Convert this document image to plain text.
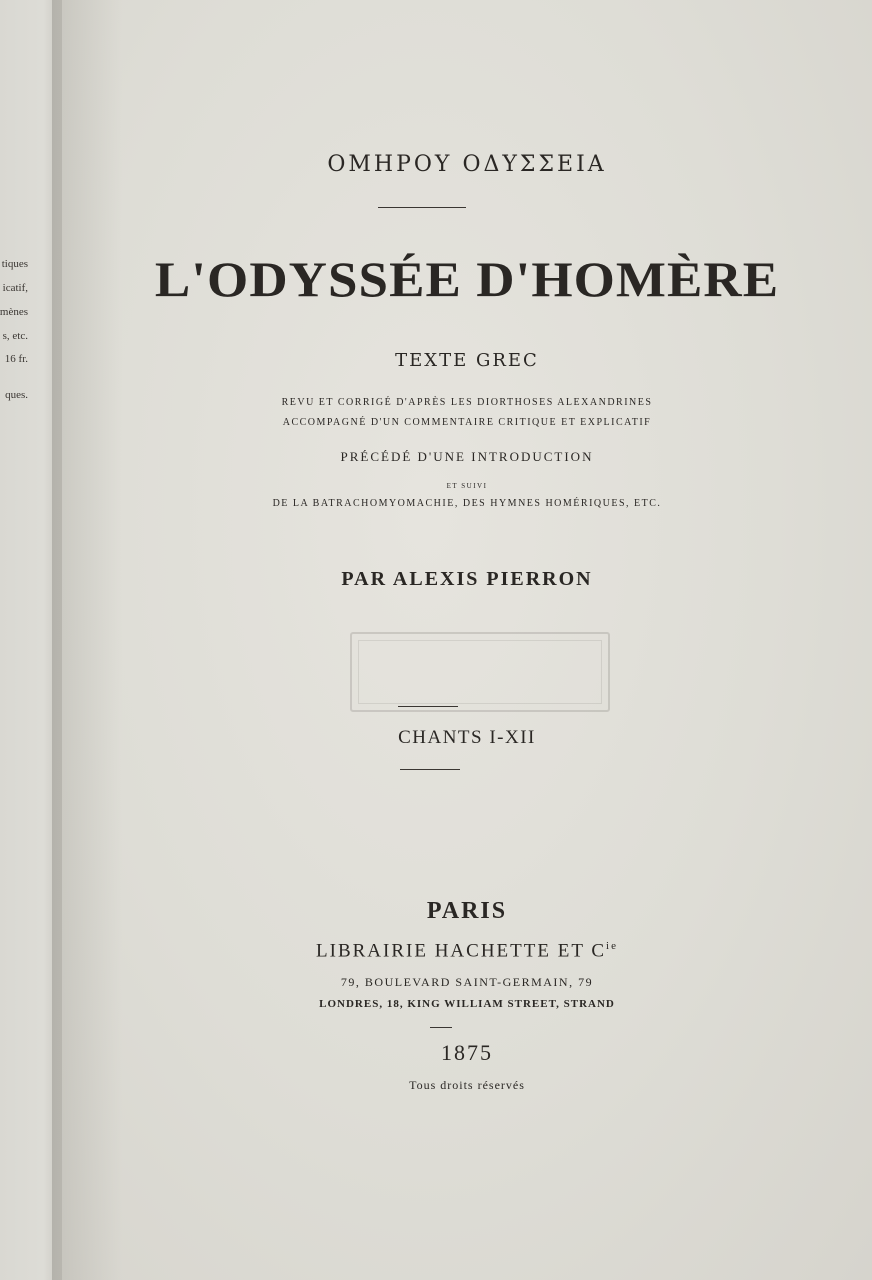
tiques
icatif,
mènes
s, etc.
16 fr.
ques.
ΟΜΗΡΟΥ ΟΔΥΣΣΕΙΑ
L'ODYSSÉE D'HOMÈRE
TEXTE GREC
REVU ET CORRIGÉ D'APRÈS LES DIORTHOSES ALEXANDRINES
ACCOMPAGNÉ D'UN COMMENTAIRE CRITIQUE ET EXPLICATIF
PRÉCÉDÉ D'UNE INTRODUCTION
ET SUIVI
DE LA BATRACHOMYOMACHIE, DES HYMNES HOMÉRIQUES, ETC.
PAR ALEXIS PIERRON
CHANTS I-XII
PARIS
LIBRAIRIE HACHETTE ET $C^{ie}$
79, BOULEVARD SAINT-GERMAIN, 79
LONDRES, 18, KING WILLIAM STREET, STRAND
1875
Tous droits réservés
